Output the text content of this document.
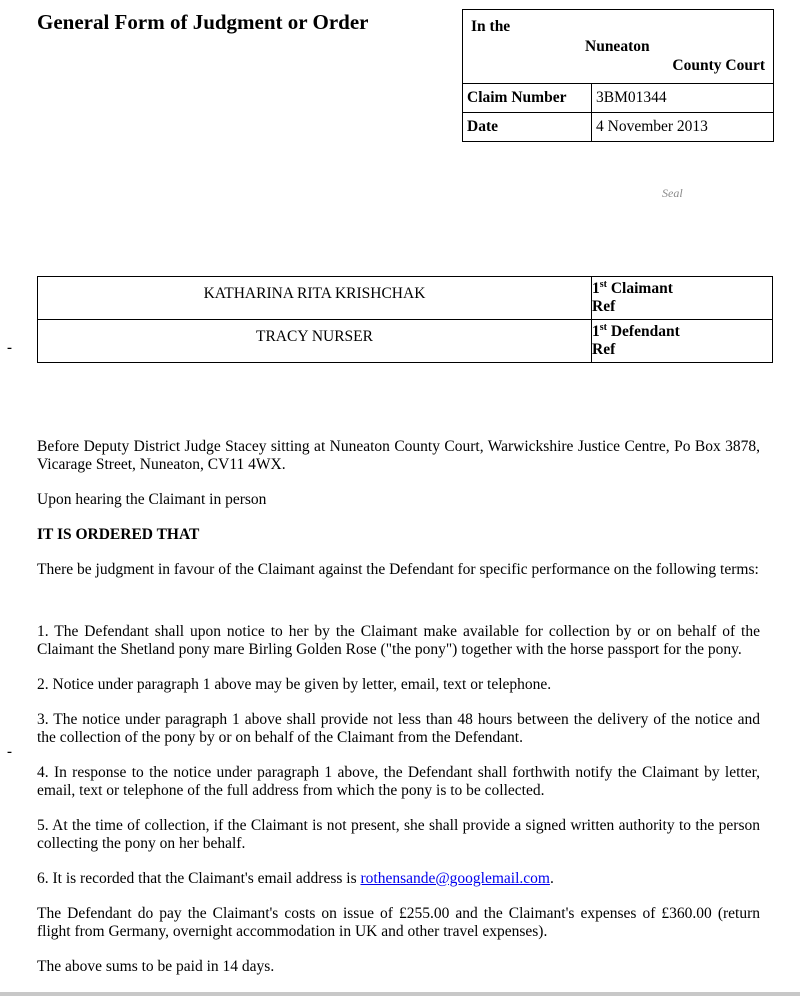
General Form of Judgment or Order	In the
Nuneaton
County Court
Claim Number	3BM01344
Date	4 November 2013
Seal
KATHARINA RITA KRISHCHAK	1st Claimant
Ref
TRACY NURSER	1st Defendant
Ref
-
-

Before Deputy District Judge Stacey sitting at Nuneaton County Court, Warwickshire Justice Centre, Po Box 3878, Vicarage Street, Nuneaton, CV11 4WX.

Upon hearing the Claimant in person

IT IS ORDERED THAT

There be judgment in favour of the Claimant against the Defendant for specific performance on the following terms:

1. The Defendant shall upon notice to her by the Claimant make available for collection by or on behalf of the Claimant the Shetland pony mare Birling Golden Rose ("the pony") together with the horse passport for the pony.

2. Notice under paragraph 1 above may be given by letter, email, text or telephone.

3. The notice under paragraph 1 above shall provide not less than 48 hours between the delivery of the notice and the collection of the pony by or on behalf of the Claimant from the Defendant.

4. In response to the notice under paragraph 1 above, the Defendant shall forthwith notify the Claimant by letter, email, text or telephone of the full address from which the pony is to be collected.

5. At the time of collection, if the Claimant is not present, she shall provide a signed written authority to the person collecting the pony on her behalf.

6. It is recorded that the Claimant's email address is rothensande@googlemail.com.

The Defendant do pay the Claimant's costs on issue of £255.00 and the Claimant's expenses of £360.00 (return flight from Germany, overnight accommodation in UK and other travel expenses).

The above sums to be paid in 14 days.
